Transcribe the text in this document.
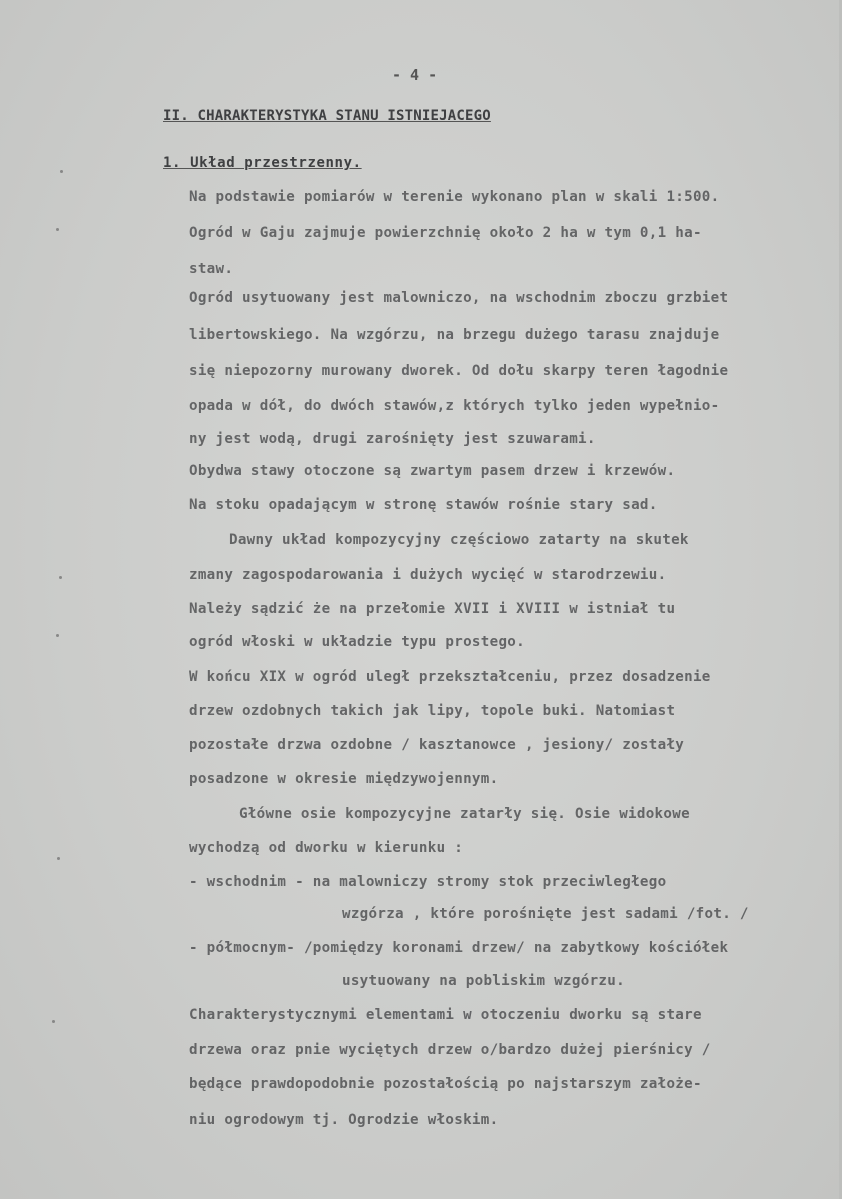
- 4 -
II. CHARAKTERYSTYKA STANU ISTNIEJACEGO
1. Układ przestrzenny.
Na podstawie pomiarów w terenie wykonano plan w skali 1:500.
Ogród w Gaju zajmuje powierzchnię około 2 ha w tym 0,1 ha-
staw.
Ogród usytuowany jest malowniczo, na wschodnim zboczu grzbiet
libertowskiego. Na wzgórzu, na brzegu dużego tarasu znajduje
się niepozorny murowany dworek. Od dołu skarpy teren łagodnie
opada w dół, do dwóch stawów,z których tylko jeden wypełnio-
ny jest wodą, drugi zarośnięty jest szuwarami.
Obydwa stawy otoczone są zwartym pasem drzew i krzewów.
Na stoku opadającym w stronę stawów rośnie stary sad.
Dawny układ kompozycyjny częściowo zatarty na skutek
zmany zagospodarowania i dużych wycięć w starodrzewiu.
Należy sądzić że na przełomie XVII i XVIII w istniał tu
ogród włoski w układzie typu prostego.
W końcu XIX w ogród uległ przekształceniu, przez dosadzenie
drzew ozdobnych takich jak lipy, topole buki. Natomiast
pozostałe drzwa ozdobne / kasztanowce , jesiony/ zostały
posadzone w okresie międzywojennym.
Główne osie kompozycyjne zatarły się. Osie widokowe
wychodzą od dworku w kierunku :
- wschodnim - na malowniczy stromy stok przeciwległego
wzgórza , które porośnięte jest sadami /fot. /
- półmocnym- /pomiędzy koronami drzew/ na zabytkowy kościółek
usytuowany na pobliskim wzgórzu.
Charakterystycznymi elementami w otoczeniu dworku są stare
drzewa oraz pnie wyciętych drzew o/bardzo dużej pierśnicy /
będące prawdopodobnie pozostałością po najstarszym założe-
niu ogrodowym tj. Ogrodzie włoskim.
